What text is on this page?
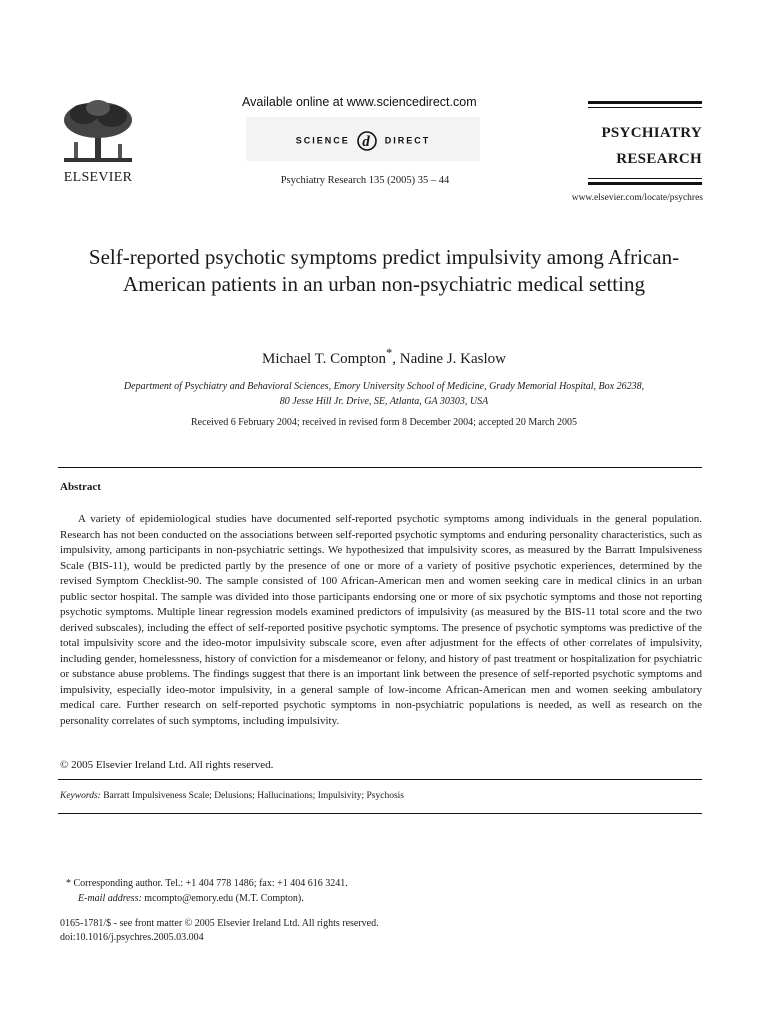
ELSEVIER
Available online at www.sciencedirect.com
SCIENCE d DIRECT
Psychiatry Research 135 (2005) 35 – 44
PSYCHIATRY
RESEARCH
www.elsevier.com/locate/psychres
Self-reported psychotic symptoms predict impulsivity among African-American patients in an urban non-psychiatric medical setting
Michael T. Compton*, Nadine J. Kaslow
Department of Psychiatry and Behavioral Sciences, Emory University School of Medicine, Grady Memorial Hospital, Box 26238,
80 Jesse Hill Jr. Drive, SE, Atlanta, GA 30303, USA
Received 6 February 2004; received in revised form 8 December 2004; accepted 20 March 2005
Abstract

A variety of epidemiological studies have documented self-reported psychotic symptoms among individuals in the general population. Research has not been conducted on the associations between self-reported psychotic symptoms and enduring personality characteristics, such as impulsivity, among participants in non-psychiatric settings. We hypothesized that impulsivity scores, as measured by the Barratt Impulsiveness Scale (BIS-11), would be predicted partly by the presence of one or more of a variety of positive psychotic experiences, determined by the revised Symptom Checklist-90. The sample consisted of 100 African-American men and women seeking care in medical clinics in an urban public sector hospital. The sample was divided into those participants endorsing one or more of six psychotic symptoms and those not reporting psychotic symptoms. Multiple linear regression models examined predictors of impulsivity (as measured by the BIS-11 total score and the two derived subscales), including the effect of self-reported positive psychotic symptoms. The presence of psychotic symptoms was predictive of the total impulsivity score and the ideo-motor impulsivity subscale score, even after adjustment for the effects of other correlates of impulsivity, including gender, homelessness, history of conviction for a misdemeanor or felony, and history of past treatment or hospitalization for psychiatric or substance abuse problems. The findings suggest that there is an important link between the presence of self-reported psychotic symptoms and impulsivity, especially ideo-motor impulsivity, in a general sample of low-income African-American men and women seeking ambulatory medical care. Further research on self-reported psychotic symptoms in non-psychiatric populations is needed, as well as research on the personality correlates of such symptoms, including impulsivity.

© 2005 Elsevier Ireland Ltd. All rights reserved.
Keywords: Barratt Impulsiveness Scale; Delusions; Hallucinations; Impulsivity; Psychosis
* Corresponding author. Tel.: +1 404 778 1486; fax: +1 404 616 3241.
E-mail address: mcompto@emory.edu (M.T. Compton).
0165-1781/$ - see front matter © 2005 Elsevier Ireland Ltd. All rights reserved.
doi:10.1016/j.psychres.2005.03.004
